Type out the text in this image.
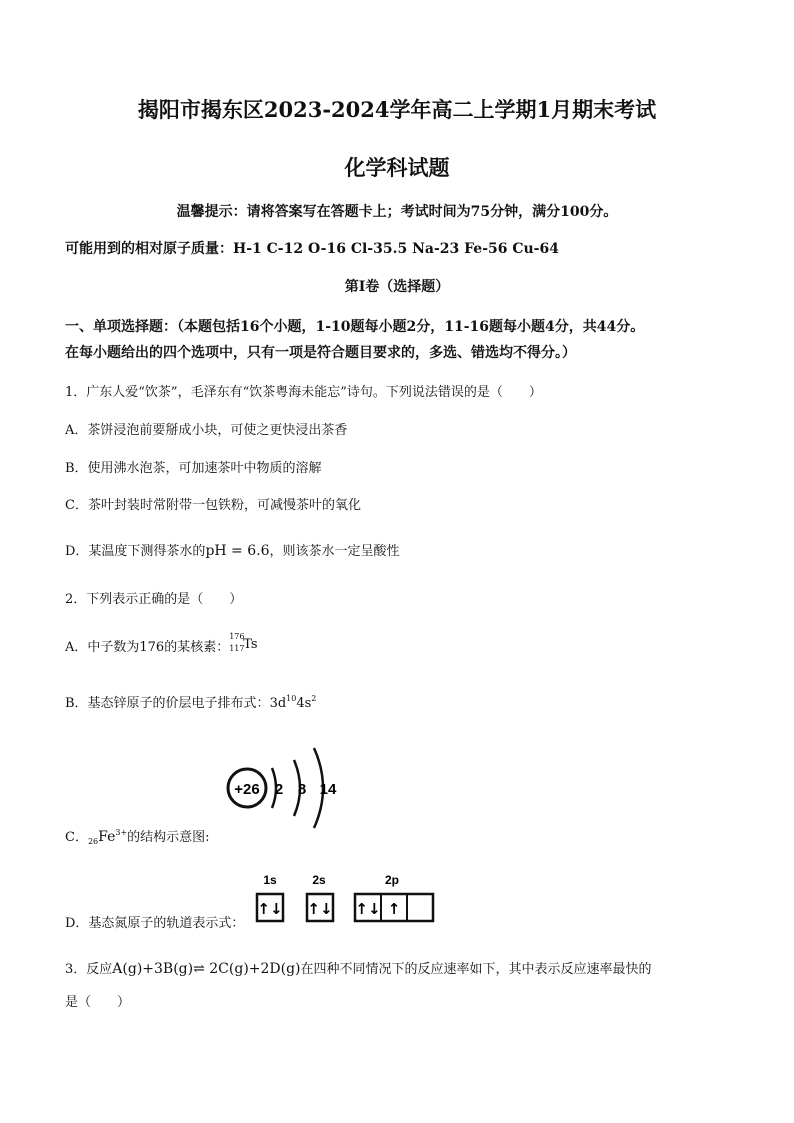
揭阳市揭东区2023-2024学年高二上学期1月期末考试
化学科试题
温馨提示：请将答案写在答题卡上；考试时间为75分钟，满分100分。
可能用到的相对原子质量：H-1 C-12 O-16 Cl-35.5 Na-23 Fe-56 Cu-64
第Ⅰ卷（选择题）
一、单项选择题：（本题包括16个小题，1-10题每小题2分，11-16题每小题4分，共44分。
在每小题给出的四个选项中，只有一项是符合题目要求的，多选、错选均不得分。）
1．广东人爱“饮茶”，毛泽东有“饮茶粤海未能忘”诗句。下列说法错误的是（　　）
A．茶饼浸泡前要掰成小块，可使之更快浸出茶香
B．使用沸水泡茶，可加速茶叶中物质的溶解
C．茶叶封装时常附带一包铁粉，可减慢茶叶的氧化
D．某温度下测得茶水的pH = 6.6，则该茶水一定呈酸性
2．下列表示正确的是（　　）
A．中子数为176的某核素：
176
117
Ts
B．基态锌原子的价层电子排布式：$3d^{10}4s^2$
+26 2 8 14
C．$_{26}Fe^{3+}$的结构示意图:
1s	2s	2p
↑↓ ↑↓ ↑↓ ↑
D．基态氮原子的轨道表示式：
3．反应A(g)+3B(g)⇌ 2C(g)+2D(g)在四种不同情况下的反应速率如下，其中表示反应速率最快的
是（　　）
